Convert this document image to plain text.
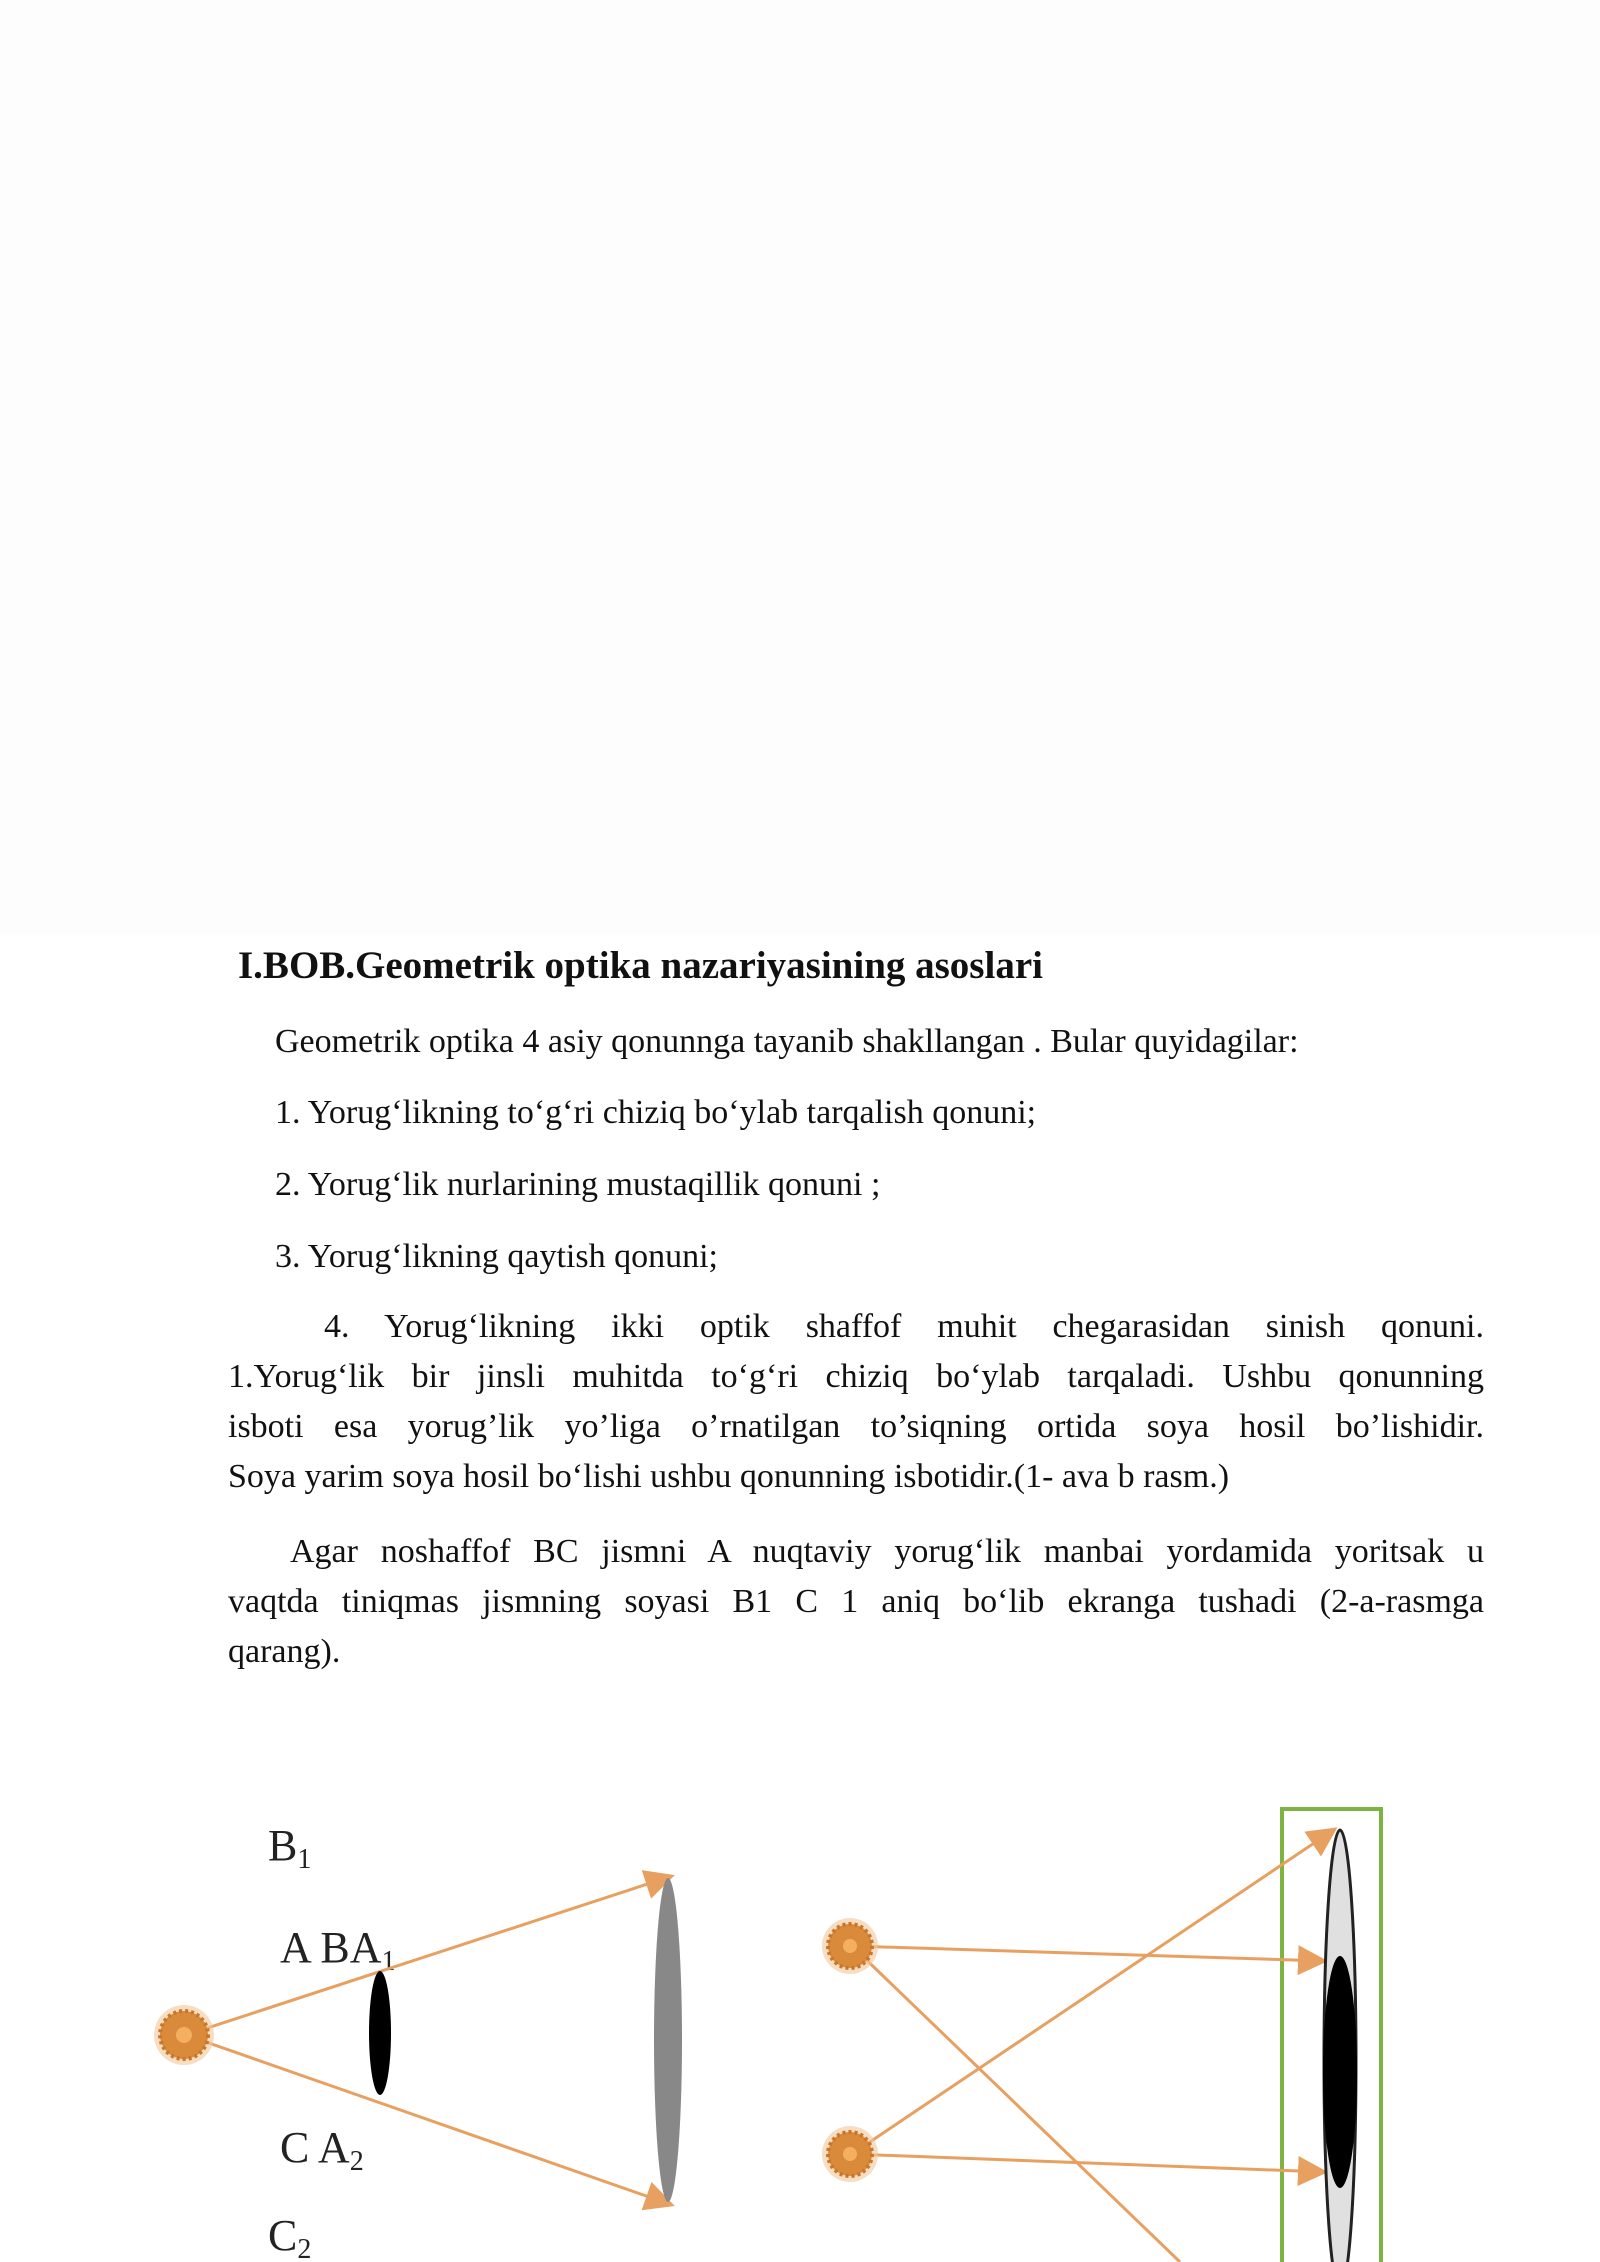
I.BOB.Geometrik optika nazariyasining asoslari

Geometrik optika 4 asiy qonunnga tayanib shakllangan . Bular quyidagilar:

1. Yorug‘likning to‘g‘ri chiziq bo‘ylab tarqalish qonuni;

2. Yorug‘lik nurlarining mustaqillik qonuni ;

3. Yorug‘likning qaytish qonuni;

4. Yorug‘likning ikki optik shaffof muhit chegarasidan sinish qonuni.
1.Yorug‘lik bir jinsli muhitda to‘g‘ri chiziq bo‘ylab tarqaladi. Ushbu qonunning
isboti esa yorug’lik yo’liga o’rnatilgan to’siqning ortida soya hosil bo’lishidir.
Soya yarim soya hosil bo‘lishi ushbu qonunning isbotidir.(1- ava b rasm.)
Agar noshaffof BC jismni A nuqtaviy yorug‘lik manbai yordamida yoritsak u
vaqtda tiniqmas jismning soyasi B1 C 1 aniq bo‘lib ekranga tushadi (2-a-rasmga
qarang).
B1
A BA1
C A2
C2
